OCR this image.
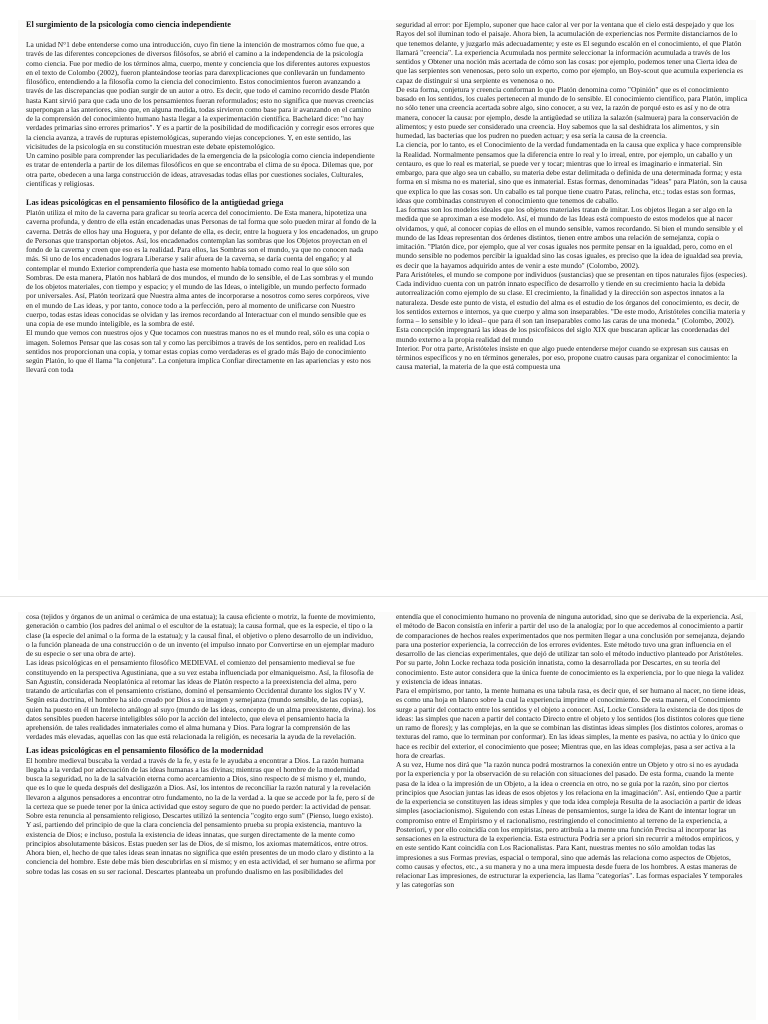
El surgimiento de la psicología como ciencia independiente

La unidad N°1 debe entenderse como una introducción, cuyo fin tiene la intención de mostrarnos cómo fue que, a través de las diferentes concepciones de diversos filósofos, se abrió el camino a la independencia de la psicología como ciencia. Fue por medio de los términos alma, cuerpo, mente y conciencia que los diferentes autores expuestos en el texto de Colombo (2002), fueron planteándose teorías para darexplicaciones que conllevarán un fundamento filosófico, entendiendo a la filosofía como la ciencia del conocimiento. Estos conocimientos fueron avanzando a través de las discrepancias que podían surgir de un autor a otro. Es decir, que todo el camino recorrido desde Platón hasta Kant sirvió para que cada uno de los pensamientos fueran reformulados; esto no significa que nuevas creencias superpongan a las anteriores, sino que, en alguna medida, todas sirvieron como base para ir avanzando en el camino de la comprensión del conocimiento humano hasta llegar a la experimentación científica. Bachelard dice: "no hay verdades primarias sino errores primarios". Y es a partir de la posibilidad de modificación y corregir esos errores que la ciencia avanza, a través de rupturas epistemológicas, superando viejas concepciones. Y, en este sentido, las vicisitudes de la psicología en su constitución muestran este debate epistemológico.

Un camino posible para comprender las peculiaridades de la emergencia de la psicología como ciencia independiente es tratar de entenderla a partir de los dilemas filosóficos en que se encontraba el clima de su época. Dilemas que, por otra parte, obedecen a una larga construcción de ideas, atravesadas todas ellas por cuestiones sociales, Culturales, científicas y religiosas.

Las ideas psicológicas en el pensamiento filosófico de la antigüedad griega

Platón utiliza el mito de la caverna para graficar su teoría acerca del conocimiento. De Esta manera, hipotetiza una caverna profunda, y dentro de ella están encadenadas unas Personas de tal forma que solo pueden mirar al fondo de la caverna. Detrás de ellos hay una Hoguera, y por delante de ella, es decir, entre la hoguera y los encadenados, un grupo de Personas que transportan objetos. Así, los encadenados contemplan las sombras que los Objetos proyectan en el fondo de la caverna y creen que eso es la realidad. Para ellos, las Sombras son el mundo, ya que no conocen nada más. Si uno de los encadenados lograra Liberarse y salir afuera de la caverna, se daría cuenta del engaño; y al contemplar el mundo Exterior comprendería que hasta ese momento había tomado como real lo que sólo son Sombras. De esta manera, Platón nos hablará de dos mundos, el mundo de lo sensible, el de Las sombras y el mundo de los objetos materiales, con tiempo y espacio; y el mundo de las Ideas, o inteligible, un mundo perfecto formado por universales. Así, Platón teorizará que Nuestra alma antes de incorporarse a nosotros como seres corpóreos, vive en el mundo de Las ideas, y por tanto, conoce todo a la perfección, pero al momento de unificarse con Nuestro cuerpo, todas estas ideas conocidas se olvidan y las iremos recordando al Interactuar con el mundo sensible que es una copia de ese mundo inteligible, es la sombra de esté.

El mundo que vemos con nuestros ojos y Que tocamos con nuestras manos no es el mundo real, sólo es una copia o imagen. Solemos Pensar que las cosas son tal y como las percibimos a través de los sentidos, pero en realidad Los sentidos nos proporcionan una copia, y tomar estas copias como verdaderas es el grado más Bajo de conocimiento según Platón, lo que él llama "la conjetura". La conjetura implica Confiar directamente en las apariencias y esto nos llevará con toda

seguridad al error: por Ejemplo, suponer que hace calor al ver por la ventana que el cielo está despejado y que los Rayos del sol iluminan todo el paisaje. Ahora bien, la acumulación de experiencias nos Permite distanciarnos de lo que tenemos delante, y juzgarlo más adecuadamente; y este es El segundo escalón en el conocimiento, el que Platón llamará "creencia". La experiencia Acumulada nos permite seleccionar la información acumulada a través de los sentidos y Obtener una noción más acertada de cómo son las cosas: por ejemplo, podemos tener una Cierta idea de que las serpientes son venenosas, pero solo un experto, como por ejemplo, un Boy-scout que acumula experiencia es capaz de distinguir si una serpiente es venenosa o no.

De esta forma, conjetura y creencia conforman lo que Platón denomina como "Opinión" que es el conocimiento basado en los sentidos, los cuales pertenecen al mundo de lo sensible. El conocimiento científico, para Platón, implica no sólo tener una creencia acertada sobre algo, sino conocer, a su vez, la razón de porqué esto es así y no de otra manera, conocer la causa: por ejemplo, desde la antigüedad se utiliza la salazón (salmuera) para la conservación de alimentos; y esto puede ser considerado una creencia. Hoy sabemos que la sal deshidrata los alimentos, y sin humedad, las bacterias que los pudren no pueden actuar; y esa sería la causa de la creencia.

La ciencia, por lo tanto, es el Conocimiento de la verdad fundamentada en la causa que explica y hace comprensible la Realidad. Normalmente pensamos que la diferencia entre lo real y lo irreal, entre, por ejemplo, un caballo y un centauro, es que lo real es material, se puede ver y tocar; mientras que lo irreal es imaginario e inmaterial. Sin embargo, para que algo sea un caballo, su materia debe estar delimitada o definida de una determinada forma; y esta forma en sí misma no es material, sino que es inmaterial. Estas formas, denominadas "ideas" para Platón, son la causa que explica lo que las cosas son. Un caballo es tal porque tiene cuatro Patas, relincha, etc.; todas estas son formas, ideas que combinadas construyen el conocimiento que tenemos de caballo.

Las formas son los modelos ideales que los objetos materiales tratan de imitar. Los objetos llegan a ser algo en la medida que se aproximan a ese modelo. Así, el mundo de las Ideas está compuesto de estos modelos que al nacer olvidamos, y qué, al conocer copias de ellos en el mundo sensible, vamos recordando. Si bien el mundo sensible y el mundo de las Ideas representan dos órdenes distintos, tienen entre ambos una relación de semejanza, copia o imitación. "Platón dice, por ejemplo, que al ver cosas iguales nos permite pensar en la igualdad, pero, como en el mundo sensible no podemos percibir la igualdad sino las cosas iguales, es preciso que la idea de igualdad sea previa, es decir que la hayamos adquirido antes de venir a este mundo" (Colombo, 2002).

Para Aristóteles, el mundo se compone por individuos (sustancias) que se presentan en tipos naturales fijos (especies). Cada individuo cuenta con un patrón innato específico de desarrollo y tiende en su crecimiento hacia la debida autorrealización como ejemplo de su clase. El crecimiento, la finalidad y la dirección son aspectos innatos a la naturaleza. Desde este punto de vista, el estudio del alma es el estudio de los órganos del conocimiento, es decir, de los sentidos externos e internos, ya que cuerpo y alma son inseparables. "De este modo, Aristóteles concilia materia y forma – lo sensible y lo ideal– que para él son tan inseparables como las caras de una moneda." (Colombo, 2002). Esta concepción impregnará las ideas de los psicofísicos del siglo XIX que buscaran aplicar las coordenadas del mundo externo a la propia realidad del mundo

Interior. Por otra parte, Aristóteles insiste en que algo puede entenderse mejor cuando se expresan sus causas en términos específicos y no en términos generales, por eso, propone cuatro causas para organizar el conocimiento: la causa material, la materia de la que está compuesta una

cosa (tejidos y órganos de un animal o cerámica de una estatua); la causa eficiente o motriz, la fuente de movimiento, generación o cambio (los padres del animal o el escultor de la estatua); la causa formal, que es la especie, el tipo o la clase (la especie del animal o la forma de la estatua); y la causal final, el objetivo o pleno desarrollo de un individuo, o la función planeada de una construcción o de un invento (el impulso innato por Convertirse en un ejemplar maduro de su especie o ser una obra de arte).

Las ideas psicológicas en el pensamiento filosófico MEDIEVAL el comienzo del pensamiento medieval se fue constituyendo en la perspectiva Agustiniana, que a su vez estaba influenciada por elmaniqueismo. Así, la filosofía de San Agustín, considerada Neoplatónica al retomar las ideas de Platón respecto a la preexistencia del alma, pero tratando de articularlas con el pensamiento cristiano, dominó el pensamiento Occidental durante los siglos IV y V. Según esta doctrina, el hombre ha sido creado por Dios a su imagen y semejanza (mundo sensible, de las copias), quien ha puesto en él un Intelecto análogo al suyo (mundo de las ideas, concepto de un alma preexistente, divina). los datos sensibles pueden hacerse inteligibles sólo por la acción del intelecto, que eleva el pensamiento hacia la aprehensión. de tales realidades inmateriales como el alma humana y Dios. Para lograr la comprensión de las verdades más elevadas, aquellas con las que está relacionada la religión, es necesaria la ayuda de la revelación.

Las ideas psicológicas en el pensamiento filosófico de la modernidad

El hombre medieval buscaba la verdad a través de la fe, y esta fe le ayudaba a encontrar a Dios. La razón humana llegaba a la verdad por adecuación de las ideas humanas a las divinas; mientras que el hombre de la modernidad busca la seguridad, no la de la salvación eterna como acercamiento a Dios, sino respecto de sí mismo y el, mundo, que es lo que le queda después del desligazón a Dios. Así, los intentos de reconciliar la razón natural y la revelación llevaron a algunos pensadores a encontrar otro fundamento, no la de la verdad a. la que se accede por la fe, pero sí de la certeza que se puede tener por la única actividad que estoy seguro de que no puedo perder: la actividad de pensar. Sobre esta renuncia al pensamiento religioso, Descartes utilizó la sentencia "cogito ergo sum" (Pienso, luego existo). Y así, partiendo del principio de que la clara conciencia del pensamiento prueba su propia existencia, mantuvo la existencia de Dios; e incluso, postula la existencia de ideas innatas, que surgen directamente de la mente como principios absolutamente básicos. Estas pueden ser las de Dios, de sí mismo, los axiomas matemáticos, entre otros. Ahora bien, el, hecho de que tales ideas sean innatas no significa que estén presentes de un modo claro y distinto a la conciencia del hombre. Este debe más bien descubrirlas en sí mismo; y en esta actividad, el ser humano se afirma por sobre todas las cosas en su ser racional. Descartes planteaba un profundo dualismo en las posibilidades del

entendía que el conocimiento humano no provenía de ninguna autoridad, sino que se derivaba de la experiencia. Así, el método de Bacon consistía en inferir a partir del uso de la analogía; por lo que accedemos al conocimiento a partir de comparaciones de hechos reales experimentados que nos permiten llegar a una conclusión por semejanza, dejando para una posterior experiencia, la corrección de los errores evidentes. Este método tuvo una gran influencia en el desarrollo de las ciencias experimentales, que dejó de utilizar tan solo el método inductivo planteado por Aristóteles.

Por su parte, John Locke rechaza toda posición innatista, como la desarrollada por Descartes, en su teoría del conocimiento. Este autor considera que la única fuente de conocimiento es la experiencia, por lo que niega la validez y existencia de ideas innatas.

Para el empirismo, por tanto, la mente humana es una tabula rasa, es decir que, el ser humano al nacer, no tiene ideas, es como una hoja en blanco sobre la cual la experiencia imprime el conocimiento. De esta manera, el Conocimiento surge a partir del contacto entre los sentidos y el objeto a conocer. Así, Locke Considera la existencia de dos tipos de ideas: las simples que nacen a partir del contacto Directo entre el objeto y los sentidos (los distintos colores que tiene un ramo de flores); y las complejas, en la que se combinan las distintas ideas simples (los distintos colores, aromas o texturas del ramo, que lo terminan por conformar). En las ideas simples, la mente es pasiva, no actúa y lo único que hace es recibir del exterior, el conocimiento que posee; Mientras que, en las ideas complejas, pasa a ser activa a la hora de crearlas.

A su vez, Hume nos dirá que "la razón nunca podrá mostrarnos la conexión entre un Objeto y otro si no es ayudada por la experiencia y por la observación de su relación con situaciones del pasado. De esta forma, cuando la mente pasa de la idea o la impresión de un Objeto, a la idea o creencia en otro, no se guía por la razón, sino por ciertos principios que Asocian juntas las ideas de esos objetos y los relaciona en la imaginación". Así, entiendo Que a partir de la experiencia se constituyen las ideas simples y que toda idea compleja Resulta de la asociación a partir de ideas simples (asociacionismo). Siguiendo con estas Líneas de pensamientos, surge la idea de Kant de intentar lograr un compromiso entre el Empirismo y el racionalismo, restringiendo el conocimiento al terreno de la experiencia, a Posteriori, y por ello coincidía con los empiristas, pero atribuía a la mente una función Precisa al incorporar las sensaciones en la estructura de la experiencia. Esta estructura Podría ser a priori sin recurrir a métodos empíricos, y en este sentido Kant coincidía con Los Racionalistas. Para Kant, nuestras mentes no sólo amoldan todas las impresiones a sus Formas previas, espacial o temporal, sino que además las relaciona como aspectos de Objetos, como causas y efectos, etc., a su manera y no a una mera impuesta desde fuera de los hombres. A estas maneras de relacionar Las impresiones, de estructurar la experiencia, las llama "categorías". Las formas espaciales Y temporales y las categorías son
